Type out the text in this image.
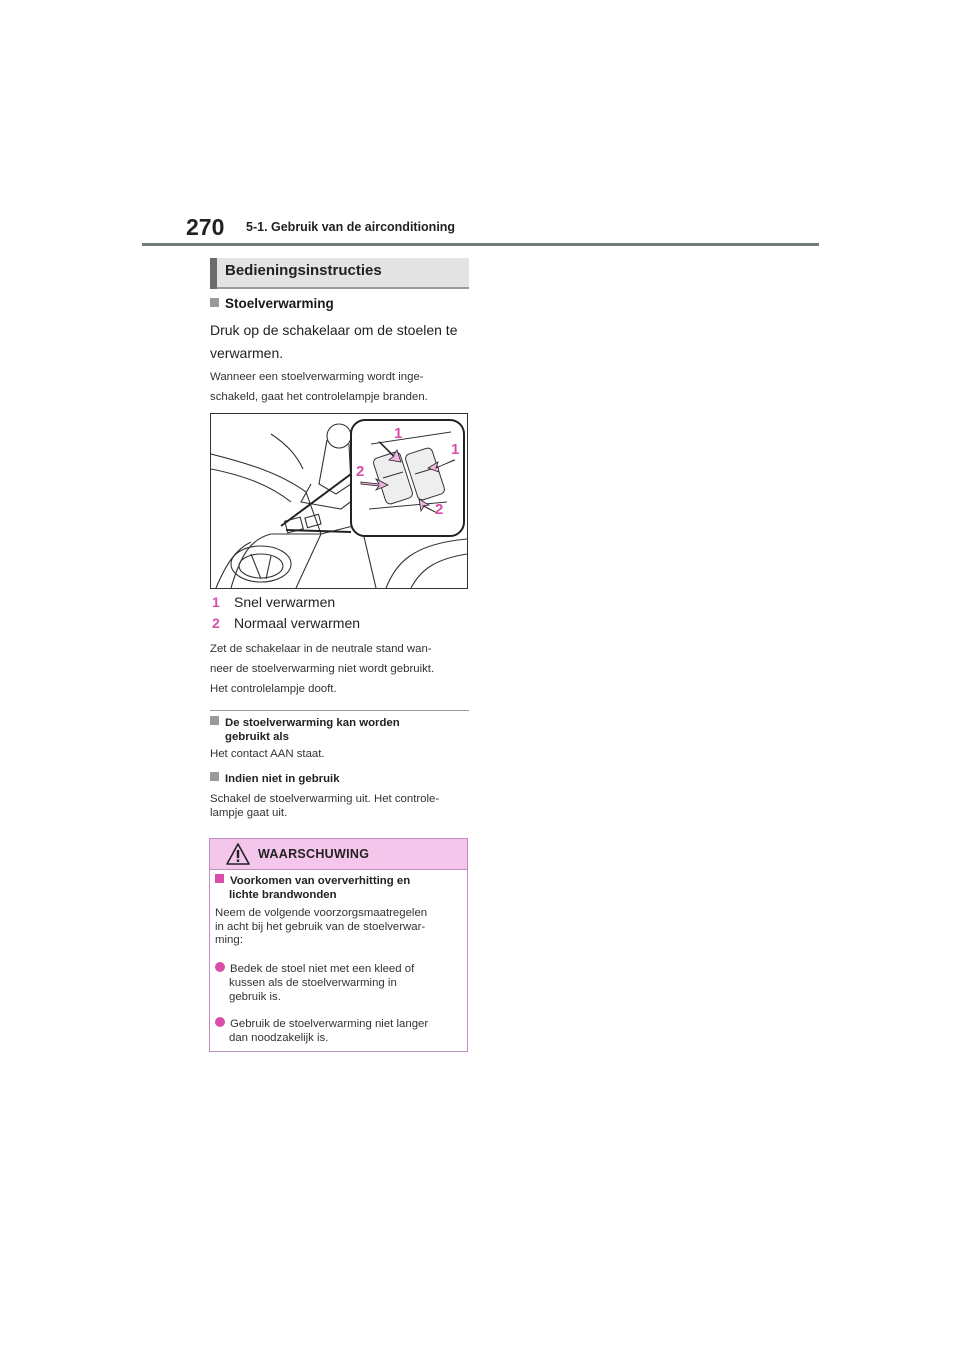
270 5-1. Gebruik van de airconditioning
Bedieningsinstructies
Stoelverwarming
Druk op de schakelaar om de stoelen te
verwarmen.
Wanneer een stoelverwarming wordt inge-
schakeld, gaat het controlelampje branden.
1
1
2
2
1 Snel verwarmen
2 Normaal verwarmen
Zet de schakelaar in de neutrale stand wan-
neer de stoelverwarming niet wordt gebruikt.
Het controlelampje dooft.
De stoelverwarming kan worden
gebruikt als
Het contact AAN staat.
Indien niet in gebruik
Schakel de stoelverwarming uit. Het controle-
lampje gaat uit.
WAARSCHUWING
Voorkomen van oververhitting en
lichte brandwonden
Neem de volgende voorzorgsmaatregelen
in acht bij het gebruik van de stoelverwar-
ming:
Bedek de stoel niet met een kleed of
kussen als de stoelverwarming in
gebruik is.
Gebruik de stoelverwarming niet langer
dan noodzakelijk is.
